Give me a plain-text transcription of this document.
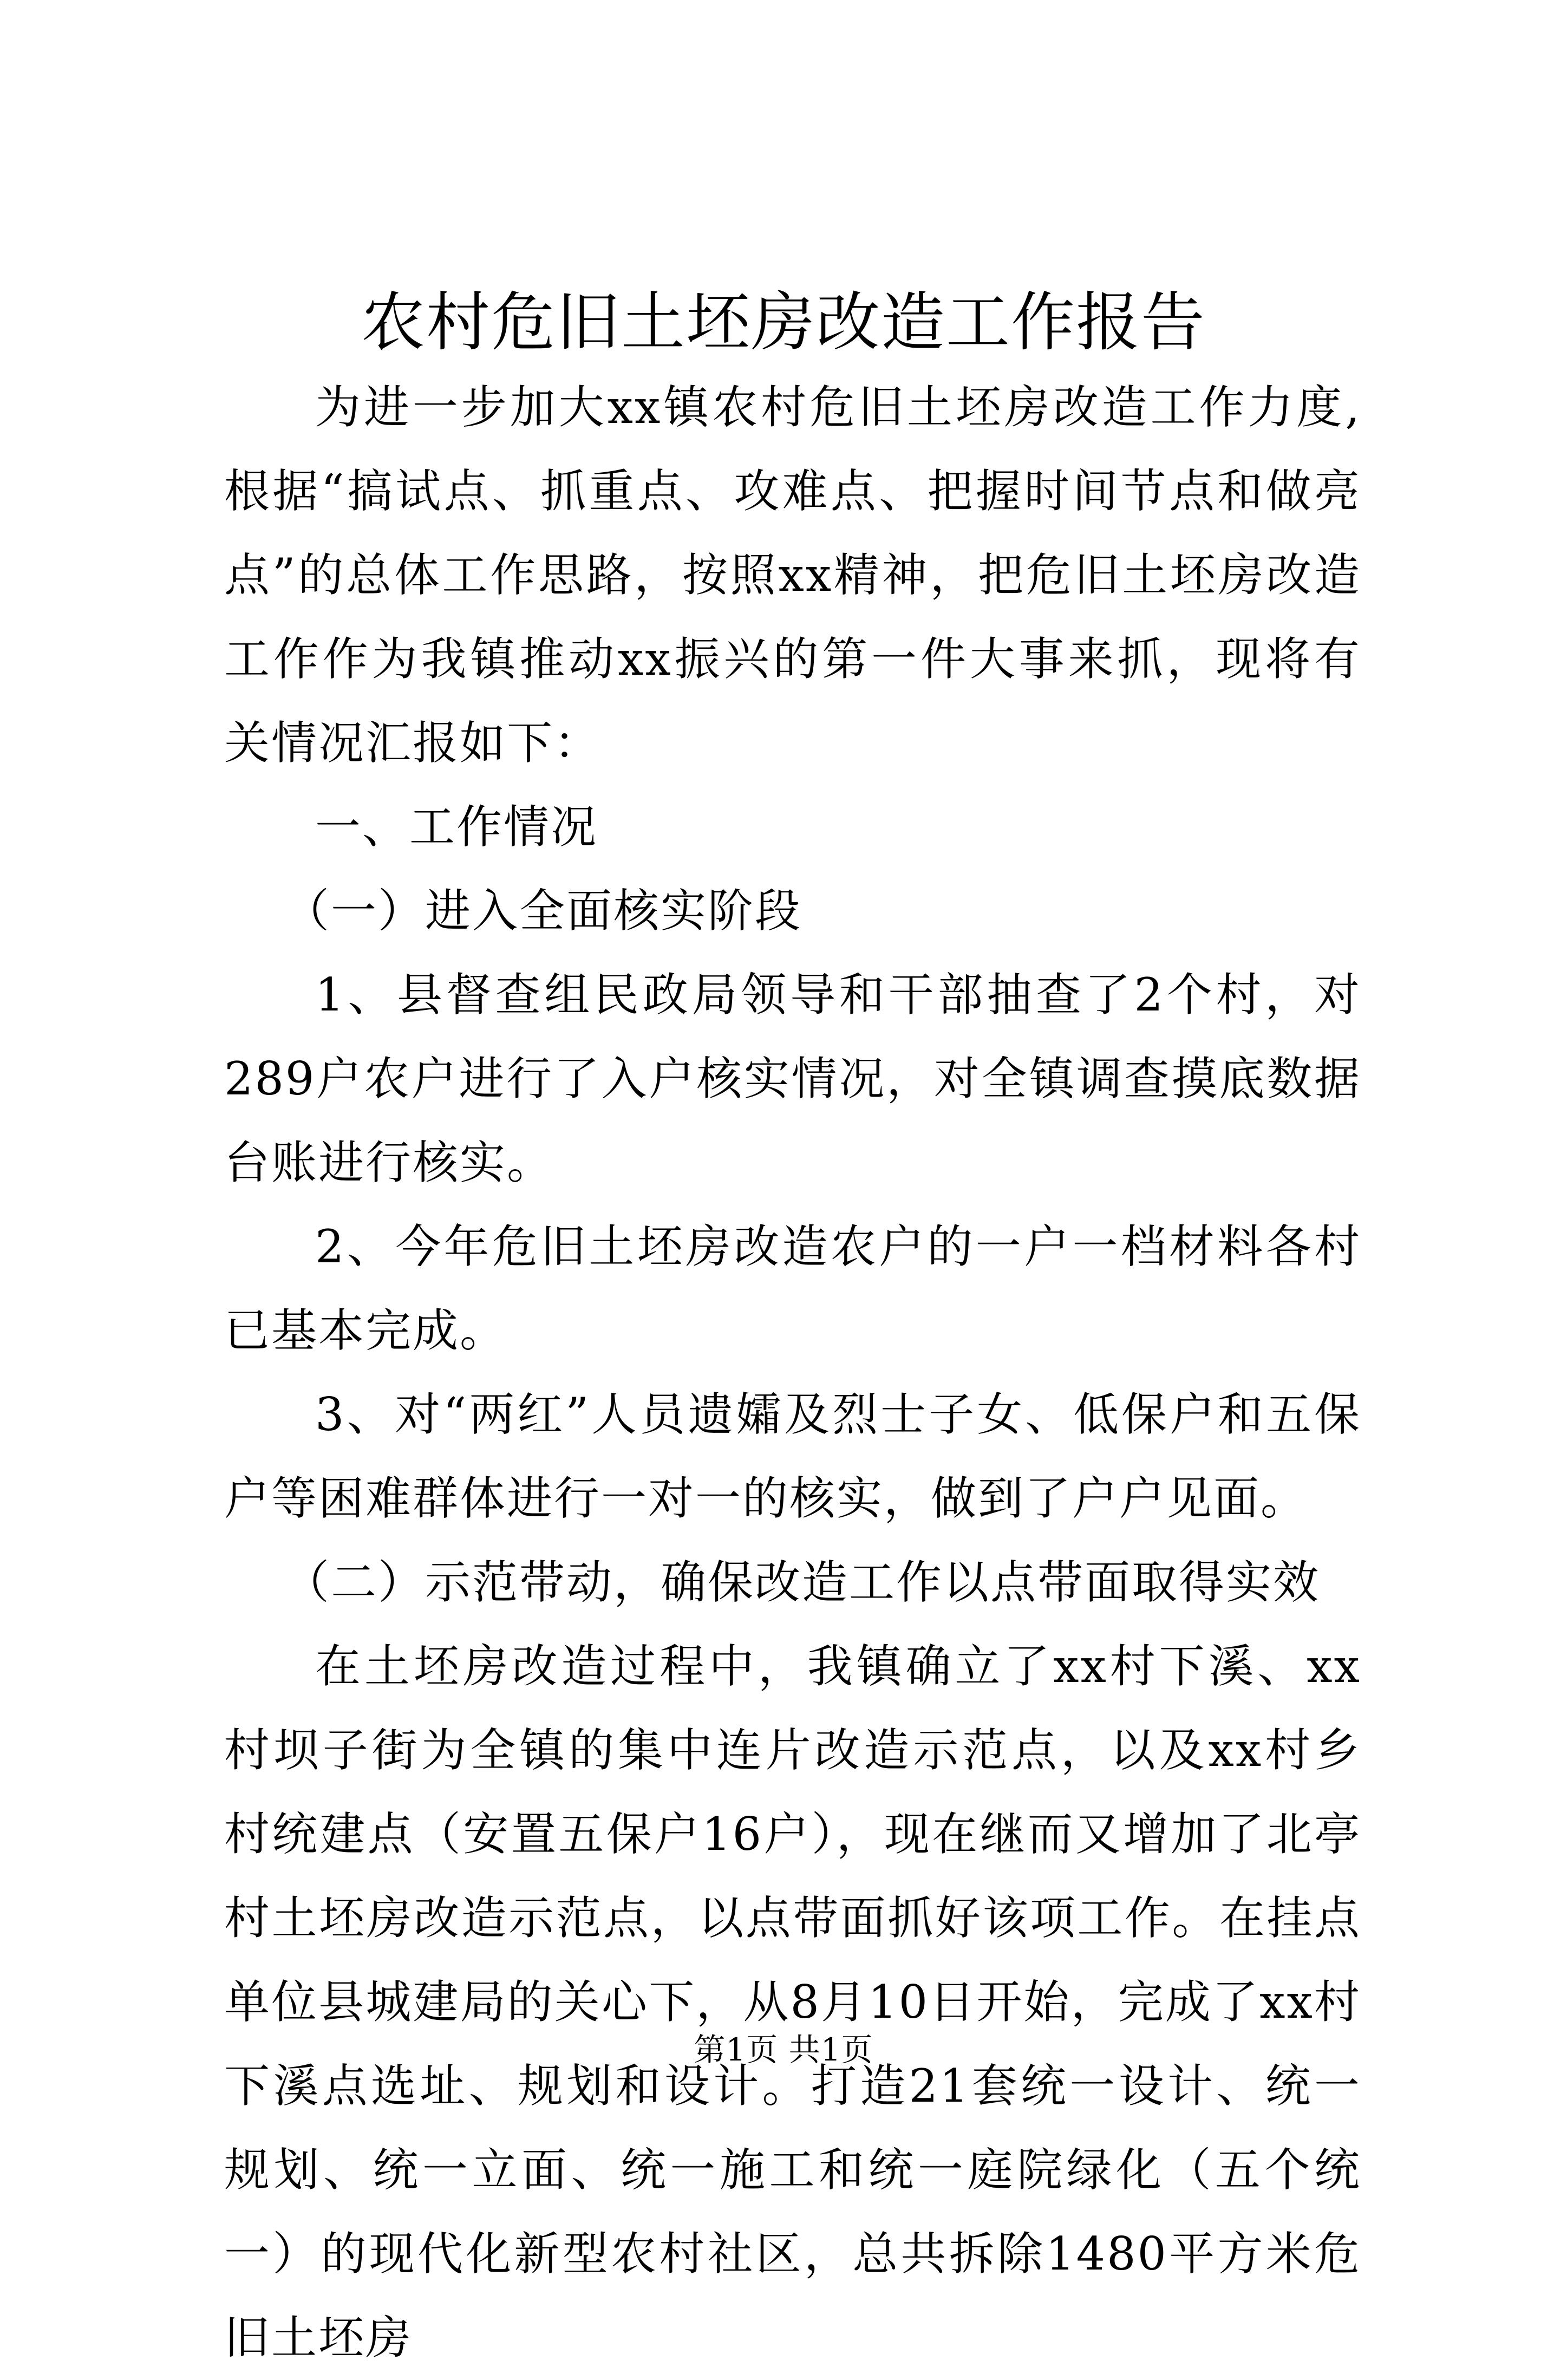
农村危旧土坯房改造工作报告

为进一步加大xx镇农村危旧土坯房改造工作力度,根据“搞试点、抓重点、攻难点、把握时间节点和做亮点”的总体工作思路，按照xx精神，把危旧土坯房改造工作作为我镇推动xx振兴的第一件大事来抓，现将有关情况汇报如下：

一、工作情况

（一）进入全面核实阶段

1、县督查组民政局领导和干部抽查了2个村，对289户农户进行了入户核实情况，对全镇调查摸底数据台账进行核实。

2、今年危旧土坯房改造农户的一户一档材料各村已基本完成。

3、对“两红”人员遗孀及烈士子女、低保户和五保户等困难群体进行一对一的核实，做到了户户见面。

（二）示范带动，确保改造工作以点带面取得实效

在土坯房改造过程中，我镇确立了xx村下溪、xx村坝子街为全镇的集中连片改造示范点，以及xx村乡村统建点（安置五保户16户），现在继而又增加了北亭村土坯房改造示范点，以点带面抓好该项工作。在挂点单位县城建局的关心下，从8月10日开始，完成了xx村下溪点选址、规划和设计。打造21套统一设计、统一规划、统一立面、统一施工和统一庭院绿化（五个统一）的现代化新型农村社区，总共拆除1480平方米危旧土坯房

第1页 共1页
